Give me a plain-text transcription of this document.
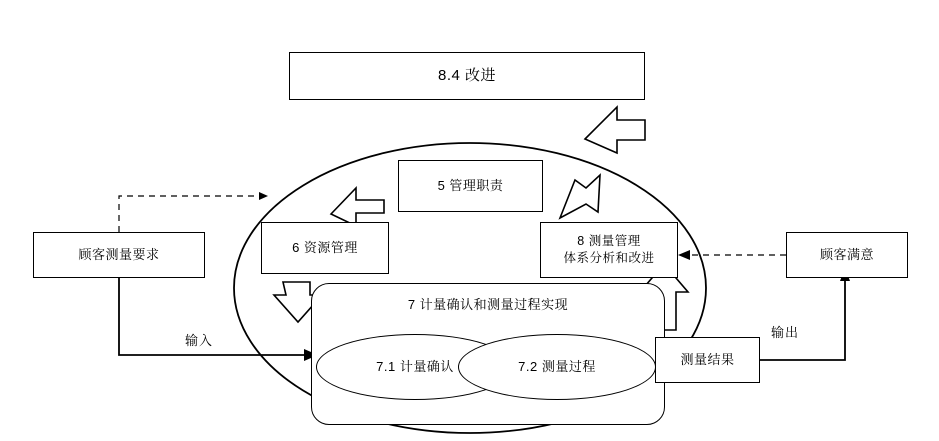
8.4 改进
5 管理职责
6 资源管理	8 测量管理
体系分析和改进
7 计量确认和测量过程实现
7.1 计量确认	7.2 测量过程
顾客测量要求	顾客满意
测量结果
输入
输出
